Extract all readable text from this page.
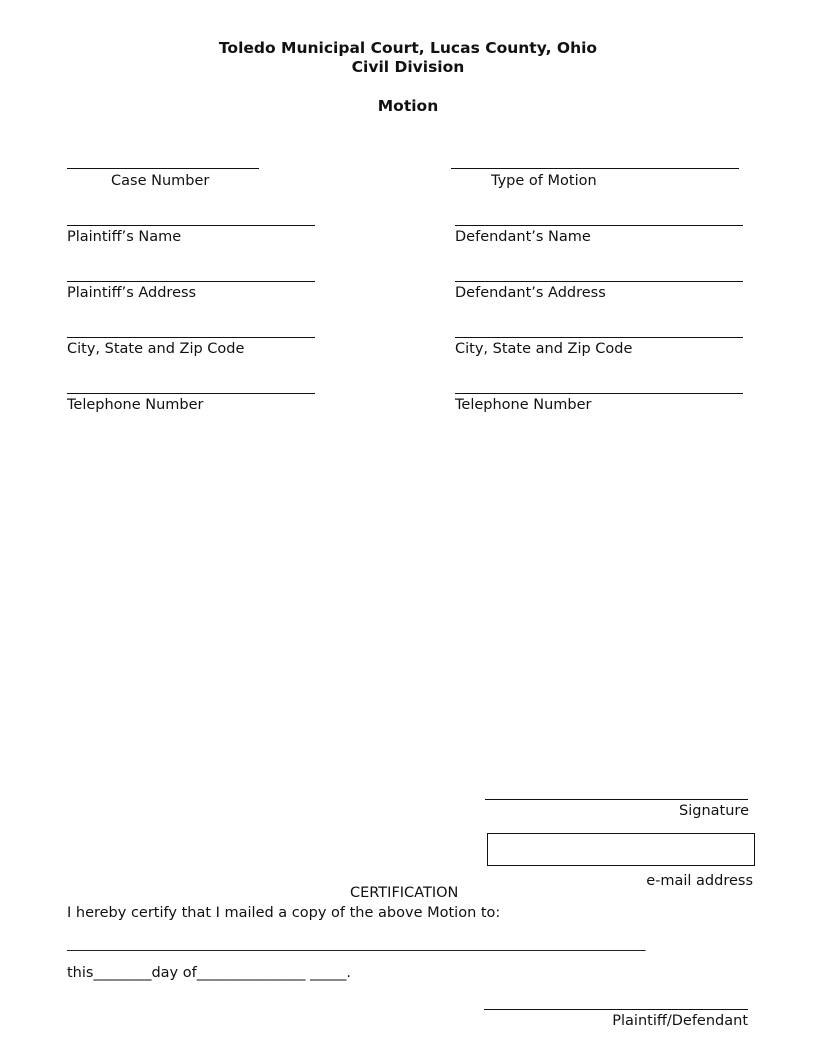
Toledo Municipal Court, Lucas County, Ohio
Civil Division
Motion
Case Number	Type of Motion
Plaintiff’s Name	Defendant’s Name
Plaintiff’s Address	Defendant’s Address
City, State and Zip Code	City, State and Zip Code
Telephone Number	Telephone Number
Signature
e-mail address
CERTIFICATION
I hereby certify that I mailed a copy of the above Motion to:
_________________________________________________________________________________________
this________day of_______________ _____.
Plaintiff/Defendant
